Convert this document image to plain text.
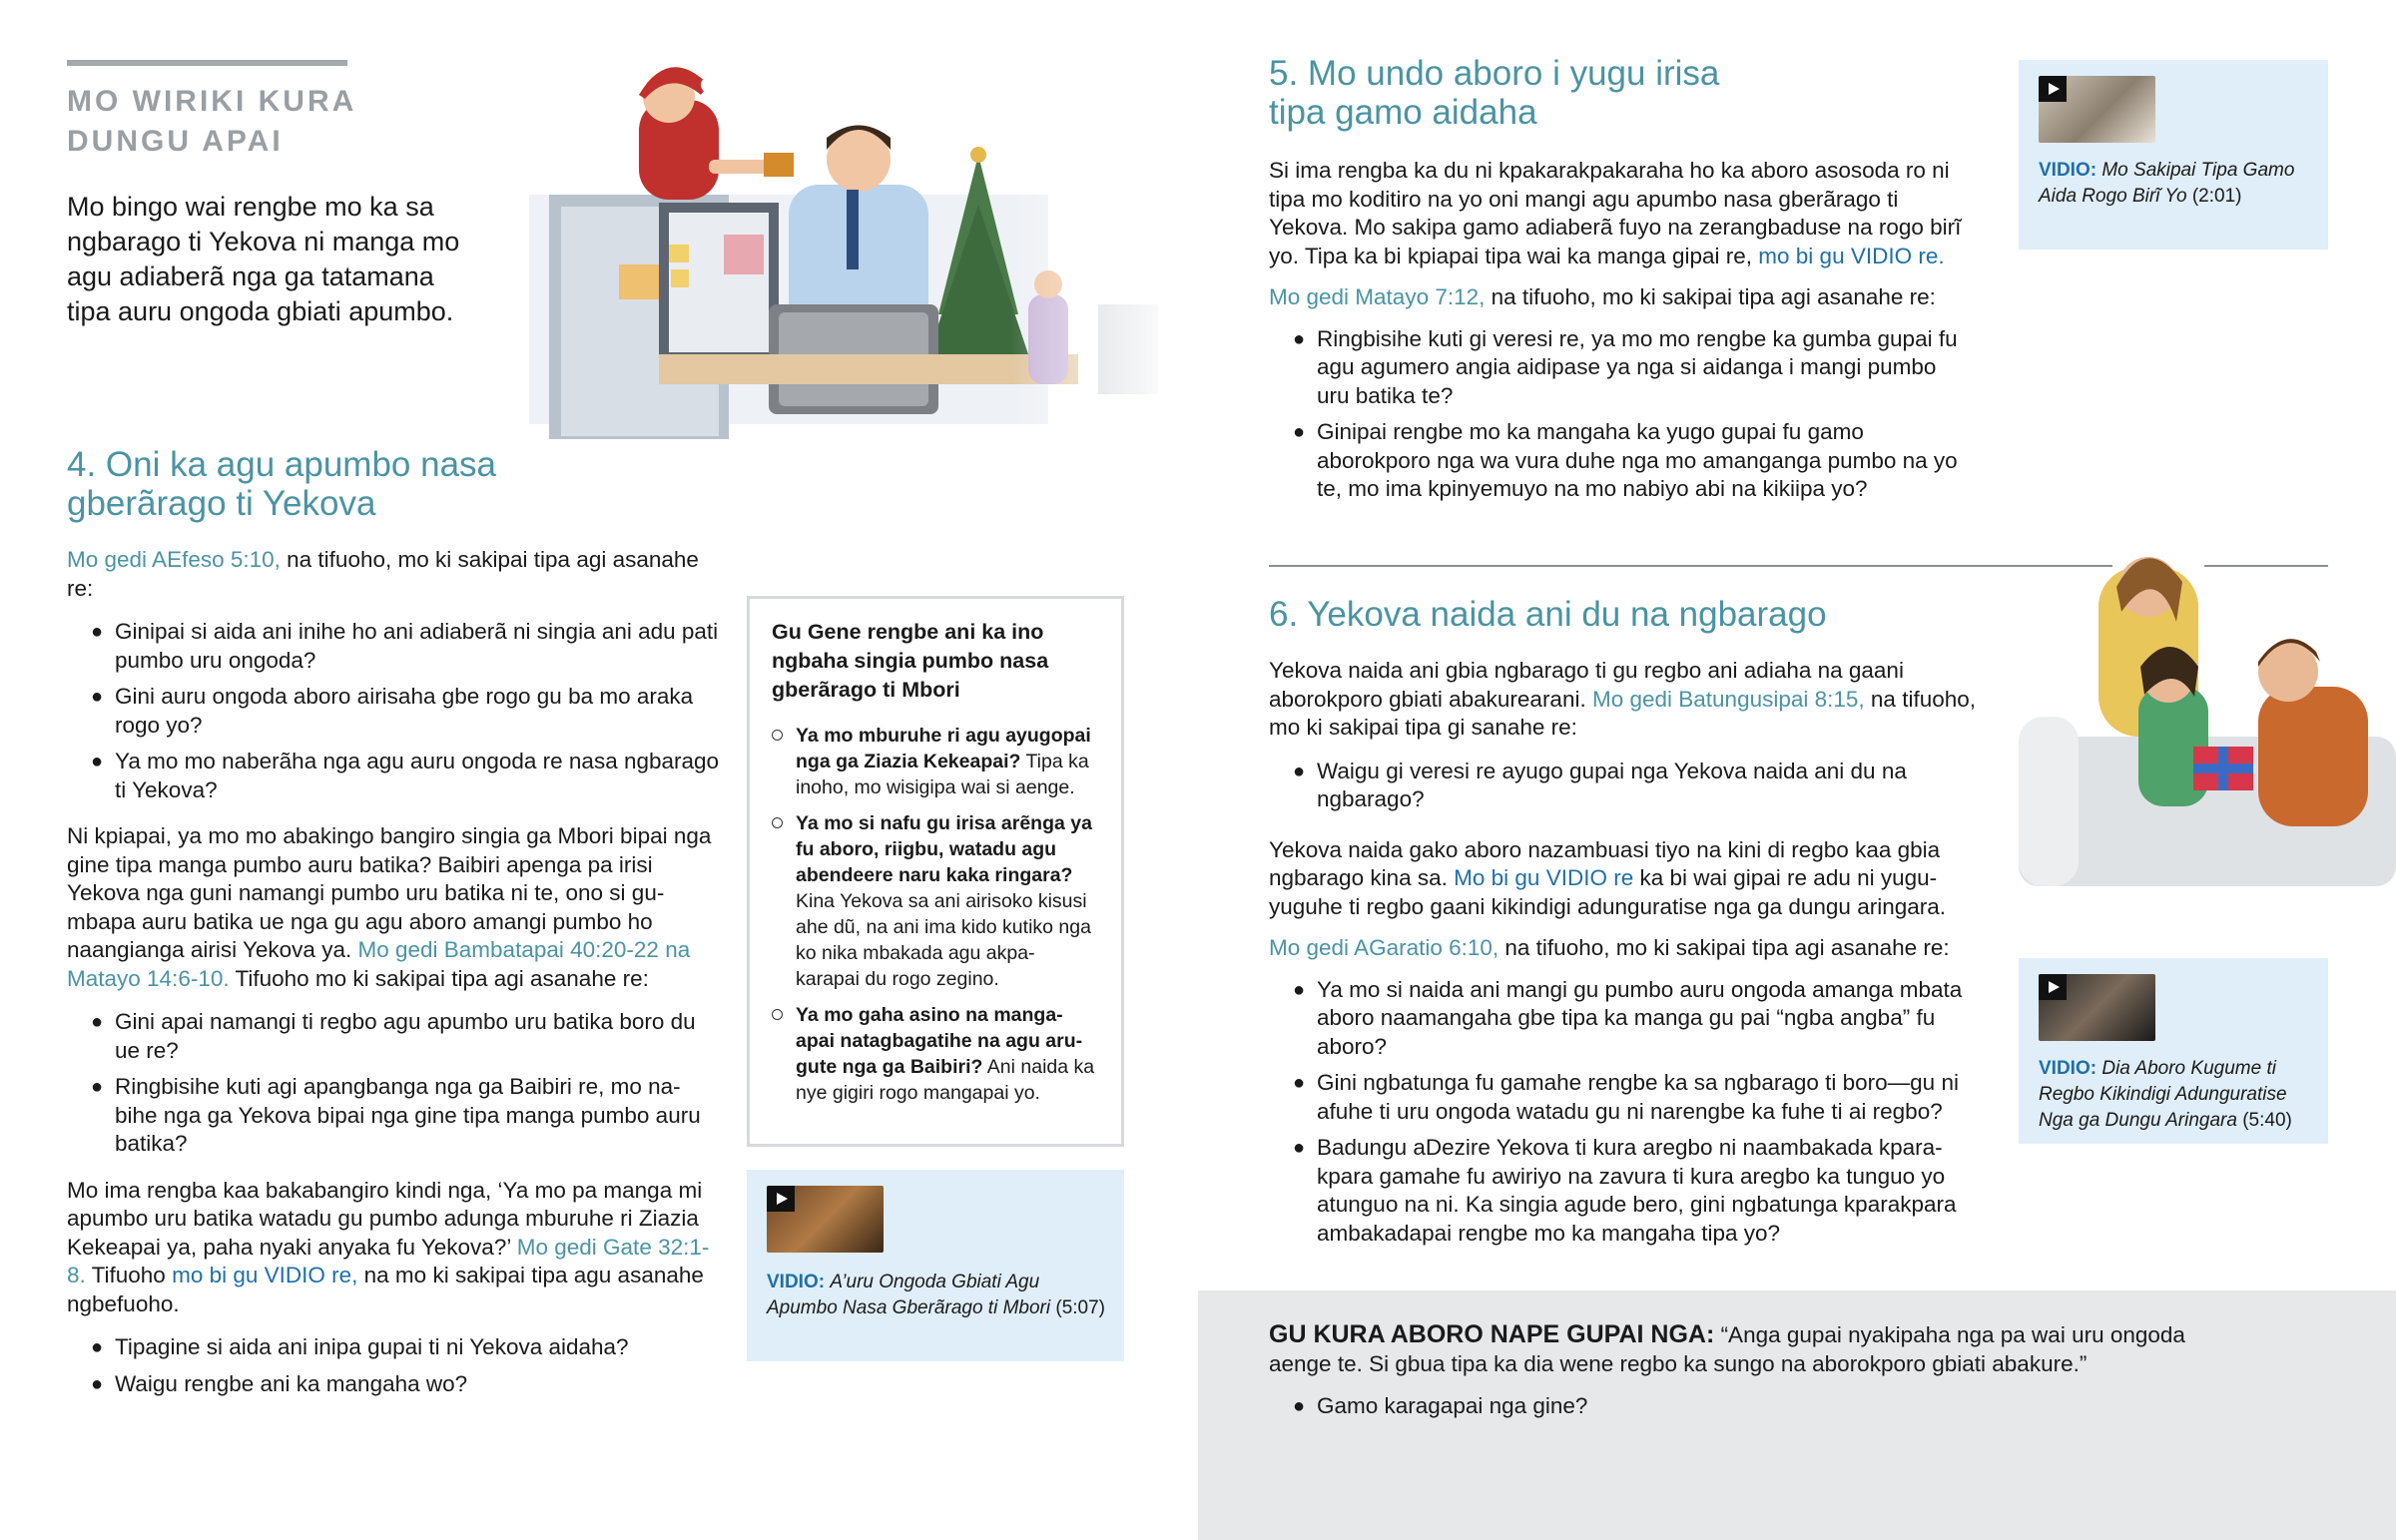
MO WIRIKI KURA
DUNGU APAI

Mo bingo wai rengbe mo ka sa ngbarago ti Yekova ni manga mo agu adiaberã nga ga tatamana tipa auru ongoda gbiati apumbo.

4. Oni ka agu apumbo nasa
gberãrago ti Yekova

Mo gedi AEfeso 5:10, na tifuoho, mo ki sakipai tipa agi asanahe re:

● Ginipai si aida ani inihe ho ani adiaberã ni singia ani adu pati pumbo uru ongoda?
● Gini auru ongoda aboro airisaha gbe rogo gu ba mo araka rogo yo?
● Ya mo mo naberãha nga agu auru ongoda re nasa ngbarago ti Yekova?

Ni kpiapai, ya mo mo abakingo bangiro singia ga Mbori bipai nga gine tipa manga pumbo auru batika? Baibiri apenga pa irisi Yekova nga guni namangi pumbo uru batika ni te, ono si gu- mbapa auru batika ue nga gu agu aboro amangi pumbo ho naangianga airisi Yekova ya. Mo gedi Bambatapai 40:20-22 na Matayo 14:6-10. Tifuoho mo ki sakipai tipa agi asanahe re:

● Gini apai namangi ti regbo agu apumbo uru batika boro du ue re?
● Ringbisihe kuti agi apangbanga nga ga Baibiri re, mo na- bihe nga ga Yekova bipai nga gine tipa manga pumbo auru batika?

Mo ima rengba kaa bakabangiro kindi nga, ‘Ya mo pa manga mi apumbo uru batika watadu gu pumbo adunga mburuhe ri Ziazia Kekeapai ya, paha nyaki anyaka fu Yekova?’ Mo gedi Gate 32:1-8. Tifuoho mo bi gu VIDIO re, na mo ki sakipai tipa agu asanahe ngbefuoho.

● Tipagine si aida ani inipa gupai ti ni Yekova aidaha?
● Waigu rengbe ani ka mangaha wo?
Gu Gene rengbe ani ka ino ngbaha singia pumbo nasa gberãrago ti Mbori
Ya mo mburuhe ri agu ayugopai nga ga Ziazia Kekeapai? Tipa ka inoho, mo wisigipa wai si aenge.
Ya mo si nafu gu irisa arẽnga ya fu aboro, riigbu, watadu agu abendeere naru kaka ringara? Kina Yekova sa ani airisoko kisusi ahe dũ, na ani ima kido kutiko nga ko nika mbakada agu akpa- karapai du rogo zegino.
Ya mo gaha asino na manga- apai natagbagatihe na agu aru- gute nga ga Baibiri? Ani naida ka nye gigiri rogo mangapai yo.
VIDIO: A’uru Ongoda Gbiati Agu Apumbo Nasa Gberãrago ti Mbori (5:07)
5. Mo undo aboro i yugu irisa
tipa gamo aidaha

Si ima rengba ka du ni kpakarakpakaraha ho ka aboro asosoda ro ni tipa mo koditiro na yo oni mangi agu apumbo nasa gberãrago ti Yekova. Mo sakipa gamo adiaberã fuyo na zerangbaduse na rogo birĩ yo. Tipa ka bi kpiapai tipa wai ka manga gipai re, mo bi gu VIDIO re.

Mo gedi Matayo 7:12, na tifuoho, mo ki sakipai tipa agi asanahe re:

● Ringbisihe kuti gi veresi re, ya mo mo rengbe ka gumba gupai fu agu agumero angia aidipase ya nga si aidanga i mangi pumbo uru batika te?
● Ginipai rengbe mo ka mangaha ka yugo gupai fu gamo aborokporo nga wa vura duhe nga mo amanganga pumbo na yo te, mo ima kpinyemuyo na mo nabiyo abi na kikiipa yo?
VIDIO: Mo Sakipai Tipa Gamo Aida Rogo Birĩ Yo (2:01)
6. Yekova naida ani du na ngbarago

Yekova naida ani gbia ngbarago ti gu regbo ani adiaha na gaani aborokporo gbiati abakurearani. Mo gedi Batungusipai 8:15, na tifuoho, mo ki sakipai tipa gi sanahe re:

● Waigu gi veresi re ayugo gupai nga Yekova naida ani du na ngbarago?

Yekova naida gako aboro nazambuasi tiyo na kini di regbo kaa gbia ngbarago kina sa. Mo bi gu VIDIO re ka bi wai gipai re adu ni yugu- yuguhe ti regbo gaani kikindigi adunguratise nga ga dungu aringara.

Mo gedi AGaratio 6:10, na tifuoho, mo ki sakipai tipa agi asanahe re:

● Ya mo si naida ani mangi gu pumbo auru ongoda amanga mbata aboro naamangaha gbe tipa ka manga gu pai “ngba angba” fu aboro?
● Gini ngbatunga fu gamahe rengbe ka sa ngbarago ti boro—gu ni afuhe ti uru ongoda watadu gu ni narengbe ka fuhe ti ai regbo?
● Badungu aDezire Yekova ti kura aregbo ni naambakada kpara- kpara gamahe fu awiriyo na zavura ti kura aregbo ka tunguo yo atunguo na ni. Ka singia agude bero, gini ngbatunga kparakpara ambakadapai rengbe mo ka mangaha tipa yo?
VIDIO: Dia Aboro Kugume ti Regbo Kikindigi Adunguratise Nga ga Dungu Aringara (5:40)
GU KURA ABORO NAPE GUPAI NGA: “Anga gupai nyakipaha nga pa wai uru ongoda aenge te. Si gbua tipa ka dia wene regbo ka sungo na aborokporo gbiati abakure.”
● Gamo karagapai nga gine?
